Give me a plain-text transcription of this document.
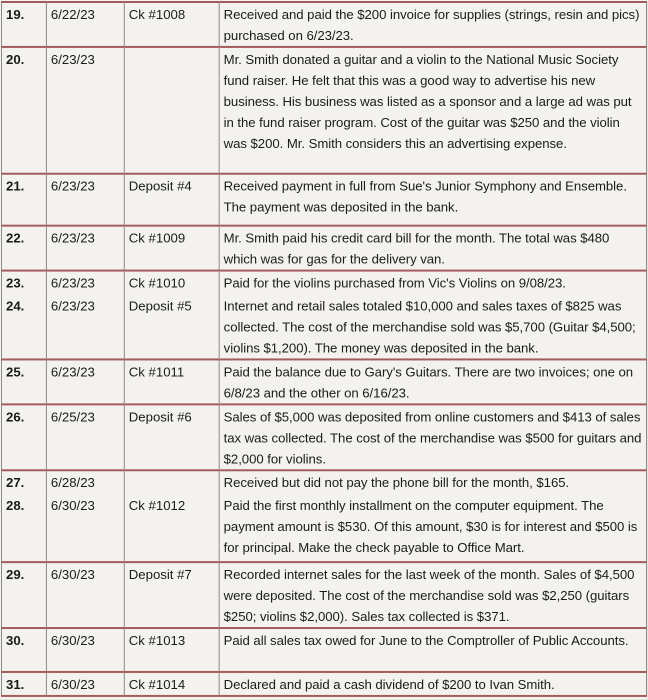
19.	6/22/23	Ck #1008	Received and paid the $200 invoice for supplies (strings, resin and pics) purchased on 6/23/23.
20.	6/23/23		Mr. Smith donated a guitar and a violin to the National Music Society fund raiser. He felt that this was a good way to advertise his new business. His business was listed as a sponsor and a large ad was put in the fund raiser program. Cost of the guitar was $250 and the violin was $200. Mr. Smith considers this an advertising expense.
21.	6/23/23	Deposit #4	Received payment in full from Sue's Junior Symphony and Ensemble. The payment was deposited in the bank.
22.	6/23/23	Ck #1009	Mr. Smith paid his credit card bill for the month. The total was $480 which was for gas for the delivery van.
23.	6/23/23	Ck #1010	Paid for the violins purchased from Vic's Violins on 9/08/23.
24.	6/23/23	Deposit #5	Internet and retail sales totaled $10,000 and sales taxes of $825 was collected. The cost of the merchandise sold was $5,700 (Guitar $4,500; violins $1,200). The money was deposited in the bank.
25.	6/23/23	Ck #1011	Paid the balance due to Gary's Guitars. There are two invoices; one on 6/8/23 and the other on 6/16/23.
26.	6/25/23	Deposit #6	Sales of $5,000 was deposited from online customers and $413 of sales tax was collected. The cost of the merchandise was $500 for guitars and $2,000 for violins.
27.	6/28/23		Received but did not pay the phone bill for the month, $165.
28.	6/30/23	Ck #1012	Paid the first monthly installment on the computer equipment. The payment amount is $530. Of this amount, $30 is for interest and $500 is for principal. Make the check payable to Office Mart.
29.	6/30/23	Deposit #7	Recorded internet sales for the last week of the month. Sales of $4,500 were deposited. The cost of the merchandise sold was $2,250 (guitars $250; violins $2,000). Sales tax collected is $371.
30.	6/30/23	Ck #1013	Paid all sales tax owed for June to the Comptroller of Public Accounts.
31.	6/30/23	Ck #1014	Declared and paid a cash dividend of $200 to Ivan Smith.
